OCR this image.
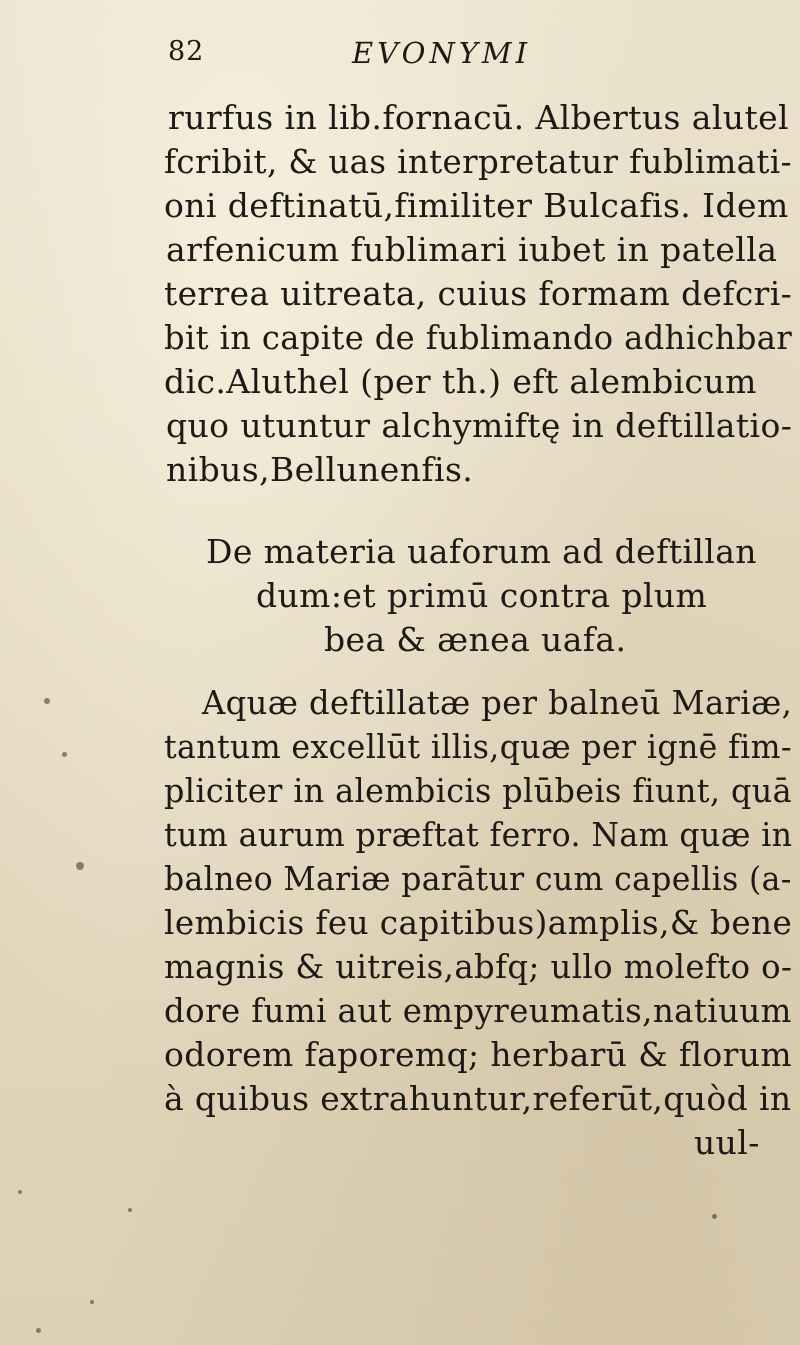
82	EVONYMI
rurfus in lib.fornacū. Albertus alutel
fcribit, & uas interpretatur fublimati-
oni deftinatū,fimiliter Bulcafis. Idem
arfenicum fublimari iubet in patella
terrea uitreata, cuius formam defcri-
bit in capite de fublimando adhichbar
dic.Aluthel (per th.) eft alembicum
quo utuntur alchymiftę in deftillatio-
nibus,Bellunenfis.
De materia uaforum ad deftillan
dum:et primū contra plum
bea & ænea uafa.
Aquæ deftillatæ per balneū Mariæ,
tantum excellūt illis,quæ per ignē fim-
pliciter in alembicis plūbeis fiunt, quā
tum aurum præftat ferro. Nam quæ in
balneo Mariæ parātur cum capellis (a-
lembicis feu capitibus)amplis,& bene
magnis & uitreis,abfq; ullo molefto o-
dore fumi aut empyreumatis,natiuum
odorem faporemq; herbarū & florum
à quibus extrahuntur,referūt,quòd in
uul-
